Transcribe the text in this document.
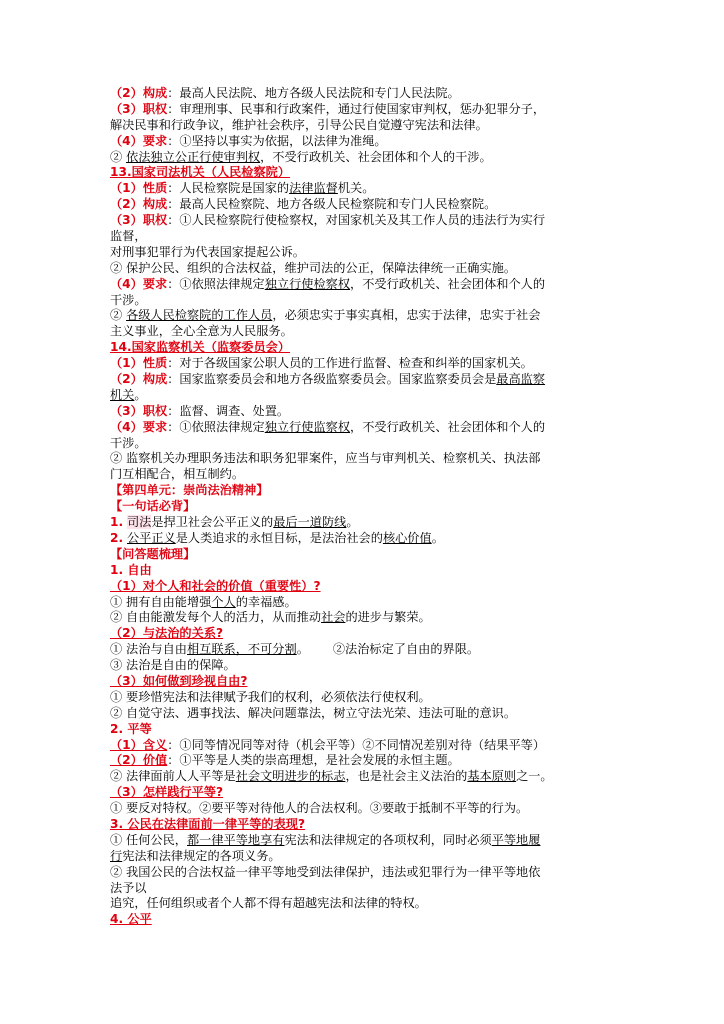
（2）构成：最高人民法院、地方各级人民法院和专门人民法院。
（3）职权：审理刑事、民事和行政案件，通过行使国家审判权，惩办犯罪分子，
解决民事和行政争议，维护社会秩序，引导公民自觉遵守宪法和法律。
（4）要求：①坚持以事实为依据，以法律为准绳。
② 依法独立公正行使审判权，不受行政机关、社会团体和个人的干涉。
13.国家司法机关（人民检察院）
（1）性质：人民检察院是国家的法律监督机关。
（2）构成：最高人民检察院、地方各级人民检察院和专门人民检察院。
（3）职权：①人民检察院行使检察权，对国家机关及其工作人员的违法行为实行
监督，
对刑事犯罪行为代表国家提起公诉。
② 保护公民、组织的合法权益，维护司法的公正，保障法律统一正确实施。
（4）要求：①依照法律规定独立行使检察权，不受行政机关、社会团体和个人的
干涉。
② 各级人民检察院的工作人员，必须忠实于事实真相，忠实于法律，忠实于社会
主义事业，全心全意为人民服务。
14.国家监察机关（监察委员会）
（1）性质：对于各级国家公职人员的工作进行监督、检查和纠举的国家机关。
（2）构成：国家监察委员会和地方各级监察委员会。国家监察委员会是最高监察
机关。
（3）职权：监督、调查、处置。
（4）要求：①依照法律规定独立行使监察权，不受行政机关、社会团体和个人的
干涉。
② 监察机关办理职务违法和职务犯罪案件，应当与审判机关、检察机关、执法部
门互相配合，相互制约。
【第四单元：崇尚法治精神】
【一句话必背】
1. 司法是捍卫社会公平正义的最后一道防线。
2. 公平正义是人类追求的永恒目标，是法治社会的核心价值。
【问答题梳理】
1. 自由
（1）对个人和社会的价值（重要性）?
① 拥有自由能增强个人的幸福感。
② 自由能激发每个人的活力，从而推动社会的进步与繁荣。
（2）与法治的关系?
① 法治与自由相互联系，不可分割。 ②法治标定了自由的界限。
③ 法治是自由的保障。
（3）如何做到珍视自由?
① 要珍惜宪法和法律赋予我们的权利，必须依法行使权利。
② 自觉守法、遇事找法、解决问题靠法，树立守法光荣、违法可耻的意识。
2. 平等
（1）含义：①同等情况同等对待（机会平等）②不同情况差别对待（结果平等）
（2）价值：①平等是人类的崇高理想，是社会发展的永恒主题。
② 法律面前人人平等是社会文明进步的标志，也是社会主义法治的基本原则之一。
（3）怎样践行平等?
① 要反对特权。②要平等对待他人的合法权利。③要敢于抵制不平等的行为。
3. 公民在法律面前一律平等的表现?
① 任何公民，都一律平等地享有宪法和法律规定的各项权利，同时必须平等地履
行宪法和法律规定的各项义务。
② 我国公民的合法权益一律平等地受到法律保护，违法或犯罪行为一律平等地依
法予以
追究，任何组织或者个人都不得有超越宪法和法律的特权。
4. 公平
